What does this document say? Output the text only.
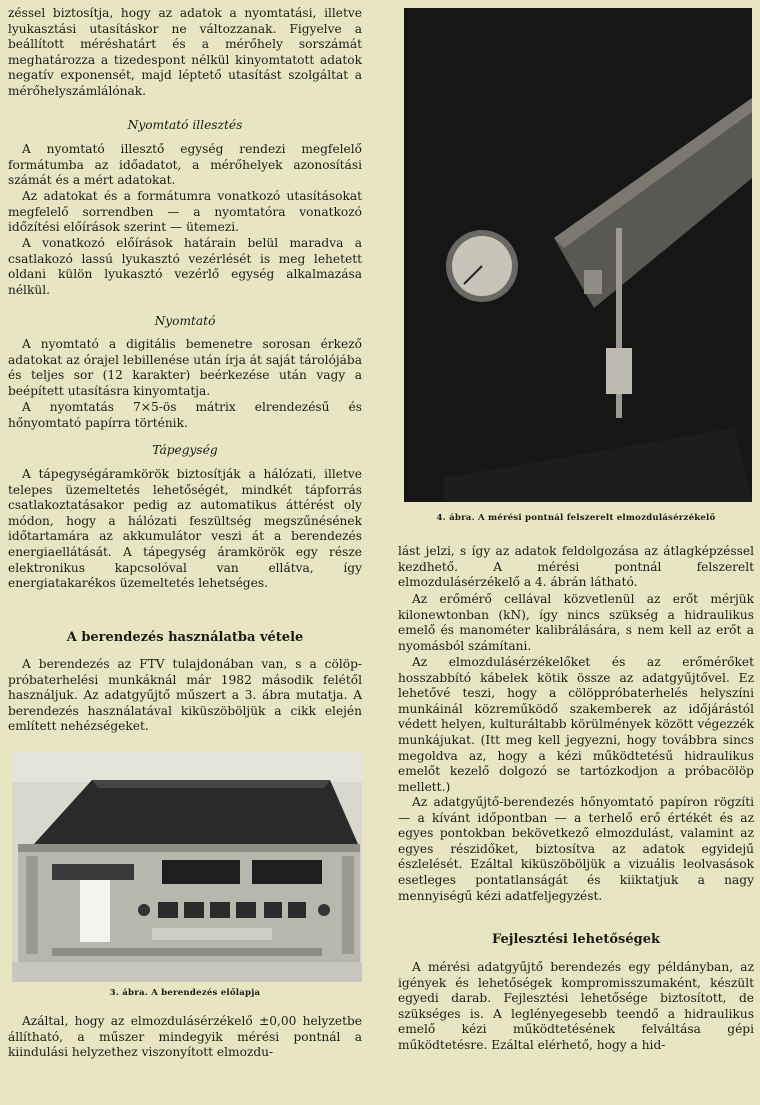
zéssel biztosítja, hogy az adatok a nyomtatási, illetve lyukasztási utasításkor ne változzanak. Figyelve a beállított méréshatárt és a mérőhely sorszámát meghatározza a tizedespont nélkül kinyomtatott adatok negatív exponensét, majd léptető utasítást szolgáltat a mérőhelyszámlálónak.

Nyomtató illesztés

A nyomtató illesztő egység rendezi megfelelő formátumba az időadatot, a mérőhelyek azonosítási számát és a mért adatokat.

Az adatokat és a formátumra vonatkozó utasításokat megfelelő sorrendben — a nyomtatóra vonatkozó időzítési előírások szerint — ütemezi.

A vonatkozó előírások határain belül maradva a csatlakozó lassú lyukasztó vezérlését is meg lehetett oldani külön lyukasztó vezérlő egység alkalmazása nélkül.

Nyomtató

A nyomtató a digitális bemenetre sorosan érkező adatokat az órajel lebillenése után írja át saját tárolójába és teljes sor (12 karakter) beérkezése után vagy a beépített utasításra kinyomtatja.

A nyomtatás 7×5-ös mátrix elrendezésű és hőnyomtató papírra történik.

Tápegység

A tápegységáramkörök biztosítják a hálózati, illetve telepes üzemeltetés lehetőségét, mindkét tápforrás csatlakoztatásakor pedig az automatikus áttérést oly módon, hogy a hálózati feszültség megszűnésének időtartamára az akkumulátor veszi át a berendezés energiaellátását. A tápegység áramkörök egy része elektronikus kapcsolóval van ellátva, így energiatakarékos üzemeltetés lehetséges.

A berendezés használatba vétele

A berendezés az FTV tulajdonában van, s a cölöp-próbaterhelési munkáknál már 1982 második felétől használjuk. Az adatgyűjtő műszert a 3. ábra mutatja. A berendezés használatával kiküszöböljük a cikk elején említett nehézségeket.

3. ábra. A berendezés előlapja

Azáltal, hogy az elmozdulásérzékelő ±0,00 helyzetbe állítható, a műszer mindegyik mérési pontnál a kiindulási helyzethez viszonyított elmozdu-

4. ábra. A mérési pontnál felszerelt elmozdulásérzékelő

lást jelzi, s így az adatok feldolgozása az átlagképzéssel kezdhető. A mérési pontnál felszerelt elmozdulásérzékelő a 4. ábrán látható.

Az erőmérő cellával közvetlenül az erőt mérjük kilonewtonban (kN), így nincs szükség a hidraulikus emelő és manométer kalibrálására, s nem kell az erőt a nyomásból számítani.

Az elmozdulásérzékelőket és az erőmérőket hosszabbító kábelek kötik össze az adatgyűjtővel. Ez lehetővé teszi, hogy a cölöppróbaterhelés helyszíni munkáinál közreműködő szakemberek az időjárástól védett helyen, kulturáltabb körülmények között végezzék munkájukat. (Itt meg kell jegyezni, hogy továbbra sincs megoldva az, hogy a kézi működtetésű hidraulikus emelőt kezelő dolgozó se tartózkodjon a próbacölöp mellett.)

Az adatgyűjtő-berendezés hőnyomtató papíron rögzíti — a kívánt időpontban — a terhelő erő értékét és az egyes pontokban bekövetkező elmozdulást, valamint az egyes részidőket, biztosítva az adatok egyidejű észlelését. Ezáltal kiküszöböljük a vizuális leolvasások esetleges pontatlanságát és kiiktatjuk a nagy mennyiségű kézi adatfeljegyzést.

Fejlesztési lehetőségek

A mérési adatgyűjtő berendezés egy példányban, az igények és lehetőségek kompromisszumaként, készült egyedi darab. Fejlesztési lehetősége biztosított, de szükséges is. A leglényegesebb teendő a hidraulikus emelő kézi működtetésének felváltása gépi működtetésre. Ezáltal elérhető, hogy a hid-
